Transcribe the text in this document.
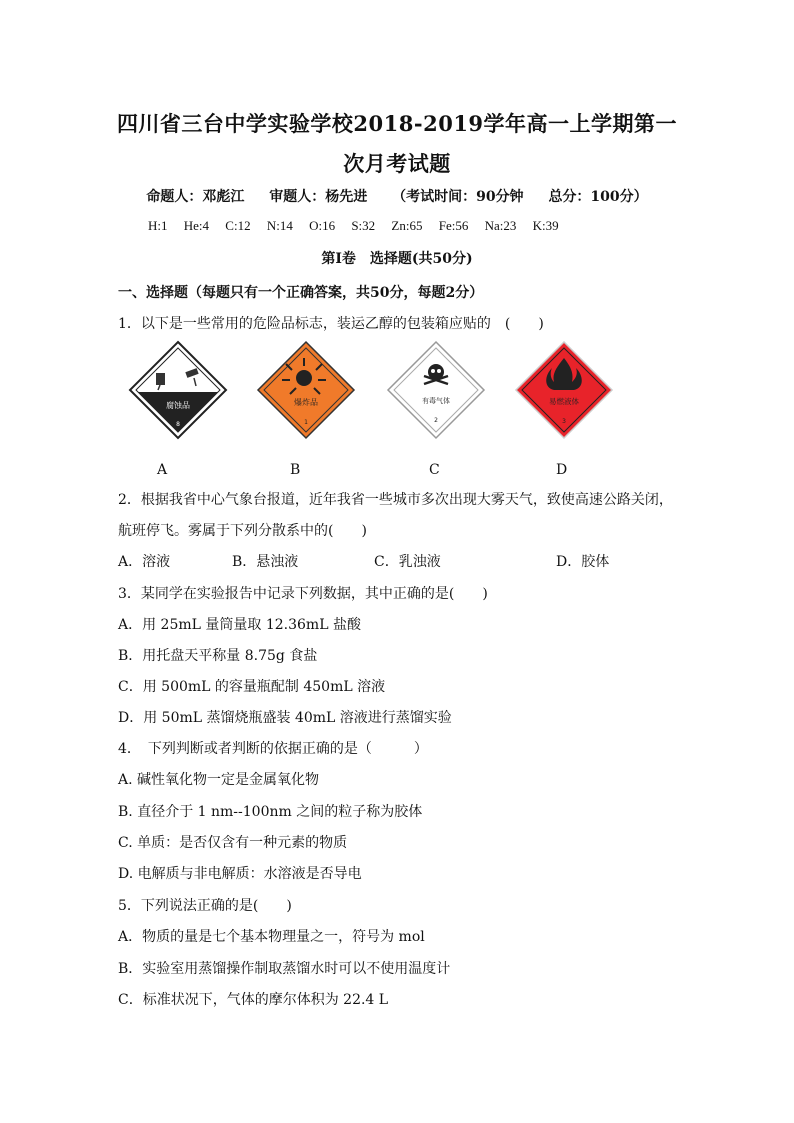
四川省三台中学实验学校2018-2019学年高一上学期第一
次月考试题
命题人：邓彪江 审题人：杨先进 （考试时间：90分钟 总分：100分）
H:1 He:4 C:12 N:14 O:16 S:32 Zn:65 Fe:56 Na:23 K:39
第Ⅰ卷　选择题(共50分)
一、选择题（每题只有一个正确答案，共50分，每题2分）
1．以下是一些常用的危险品标志，装运乙醇的包装箱应贴的　(　　)
腐蚀品
8
爆炸品
1
有毒气体
2
易燃液体
3
A	B	C	D
2．根据我省中心气象台报道，近年我省一些城市多次出现大雾天气，致使高速公路关闭，
航班停飞。雾属于下列分散系中的(　　)
A．溶液	B．悬浊液	C．乳浊液	D．胶体
3．某同学在实验报告中记录下列数据，其中正确的是(　　)
A．用 25mL 量筒量取 12.36mL 盐酸
B．用托盘天平称量 8.75g 食盐
C．用 500mL 的容量瓶配制 450mL 溶液
D．用 50mL 蒸馏烧瓶盛装 40mL 溶液进行蒸馏实验
4．　下列判断或者判断的依据正确的是（　　　）
A. 碱性氧化物一定是金属氧化物
B. 直径介于 1 nm--100nm 之间的粒子称为胶体
C. 单质：是否仅含有一种元素的物质
D. 电解质与非电解质：水溶液是否导电
5．下列说法正确的是(　　)
A．物质的量是七个基本物理量之一，符号为 mol
B．实验室用蒸馏操作制取蒸馏水时可以不使用温度计
C．标准状况下，气体的摩尔体积为 22.4 L
